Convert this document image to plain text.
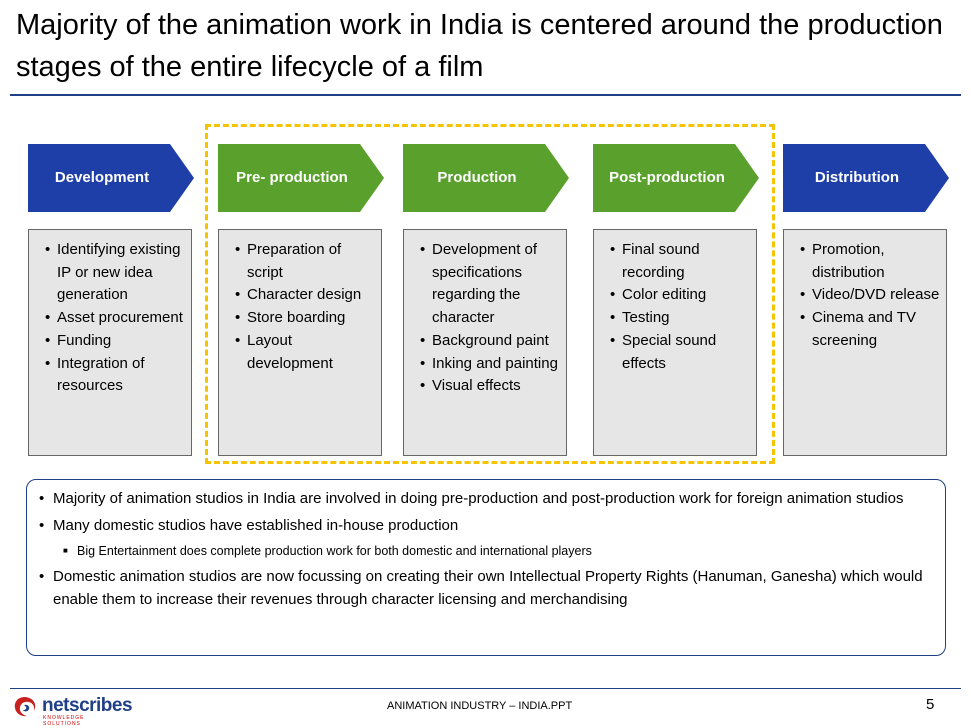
Majority of the animation work in India is centered around the production stages of the entire lifecycle of a film
Development	Pre- production	Production	Post-production	Distribution
• Identifying existing IP or new idea generation
• Asset procurement
• Funding
• Integration of resources
• Preparation of script
• Character design
• Store boarding
• Layout development
• Development of specifications regarding the character
• Background paint
• Inking and painting
• Visual effects
• Final sound recording
• Color editing
• Testing
• Special sound effects
• Promotion, distribution
• Video/DVD release
• Cinema and TV screening
• Majority of animation studios in India are involved in doing pre-production and post-production work for foreign animation studios
• Many domestic studios have established in-house production
■ Big Entertainment does complete production work for both domestic and international players
• Domestic animation studios are now focussing on creating their own Intellectual Property Rights (Hanuman, Ganesha) which would enable them to increase their revenues through character licensing and merchandising
netscribes
KNOWLEDGE SOLUTIONS
ANIMATION INDUSTRY – INDIA.PPT	5
